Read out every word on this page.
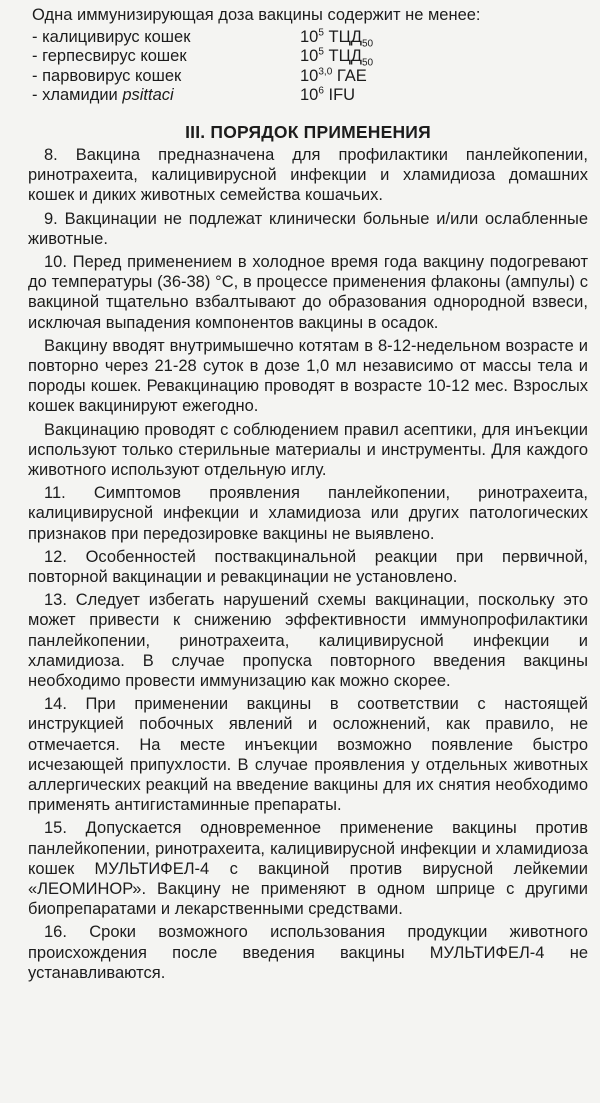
Одна иммунизирующая доза вакцины содержит не менее:
- калицивирус кошек	$10^5$ $ТЦД_{50}$
- герпесвирус кошек	$10^5$ $ТЦД_{50}$
- парвовирус кошек	10$^{3,0}$ ГАЕ
- хламидии psittaci	$10^6$ IFU
III. ПОРЯДОК ПРИМЕНЕНИЯ

8. Вакцина предназначена для профилактики панлейкопении, ринотрахеита, калицивирусной инфекции и хламидиоза домашних кошек и диких животных семейства кошачьих.

9. Вакцинации не подлежат клинически больные и/или ослабленные животные.

10. Перед применением в холодное время года вакцину подогревают до температуры (36-38) °С, в процессе применения флаконы (ампулы) с вакциной тщательно взбалтывают до образования однородной взвеси, исключая выпадения компонентов вакцины в осадок.

Вакцину вводят внутримышечно котятам в 8-12-недельном возрасте и повторно через 21-28 суток в дозе 1,0 мл независимо от массы тела и породы кошек. Ревакцинацию проводят в возрасте 10-12 мес. Взрослых кошек вакцинируют ежегодно.

Вакцинацию проводят с соблюдением правил асептики, для инъекции используют только стерильные материалы и инструменты. Для каждого животного используют отдельную иглу.

11. Симптомов проявления панлейкопении, ринотрахеита, калицивирусной инфекции и хламидиоза или других патологических признаков при передозировке вакцины не выявлено.

12. Особенностей поствакцинальной реакции при первичной, повторной вакцинации и ревакцинации не установлено.

13. Следует избегать нарушений схемы вакцинации, поскольку это может привести к снижению эффективности иммунопрофилактики панлейкопении, ринотрахеита, калицивирусной инфекции и хламидиоза. В случае пропуска повторного введения вакцины необходимо провести иммунизацию как можно скорее.

14. При применении вакцины в соответствии с настоящей инструкцией побочных явлений и осложнений, как правило, не отмечается. На месте инъекции возможно появление быстро исчезающей припухлости. В случае проявления у отдельных животных аллергических реакций на введение вакцины для их снятия необходимо применять антигистаминные препараты.

15. Допускается одновременное применение вакцины против панлейкопении, ринотрахеита, калицивирусной инфекции и хламидиоза кошек МУЛЬТИФЕЛ-4 с вакциной против вирусной лейкемии «ЛЕОМИНОР». Вакцину не применяют в одном шприце с другими биопрепаратами и лекарственными средствами.

16. Сроки возможного использования продукции животного происхождения после введения вакцины МУЛЬТИФЕЛ-4 не устанавливаются.
